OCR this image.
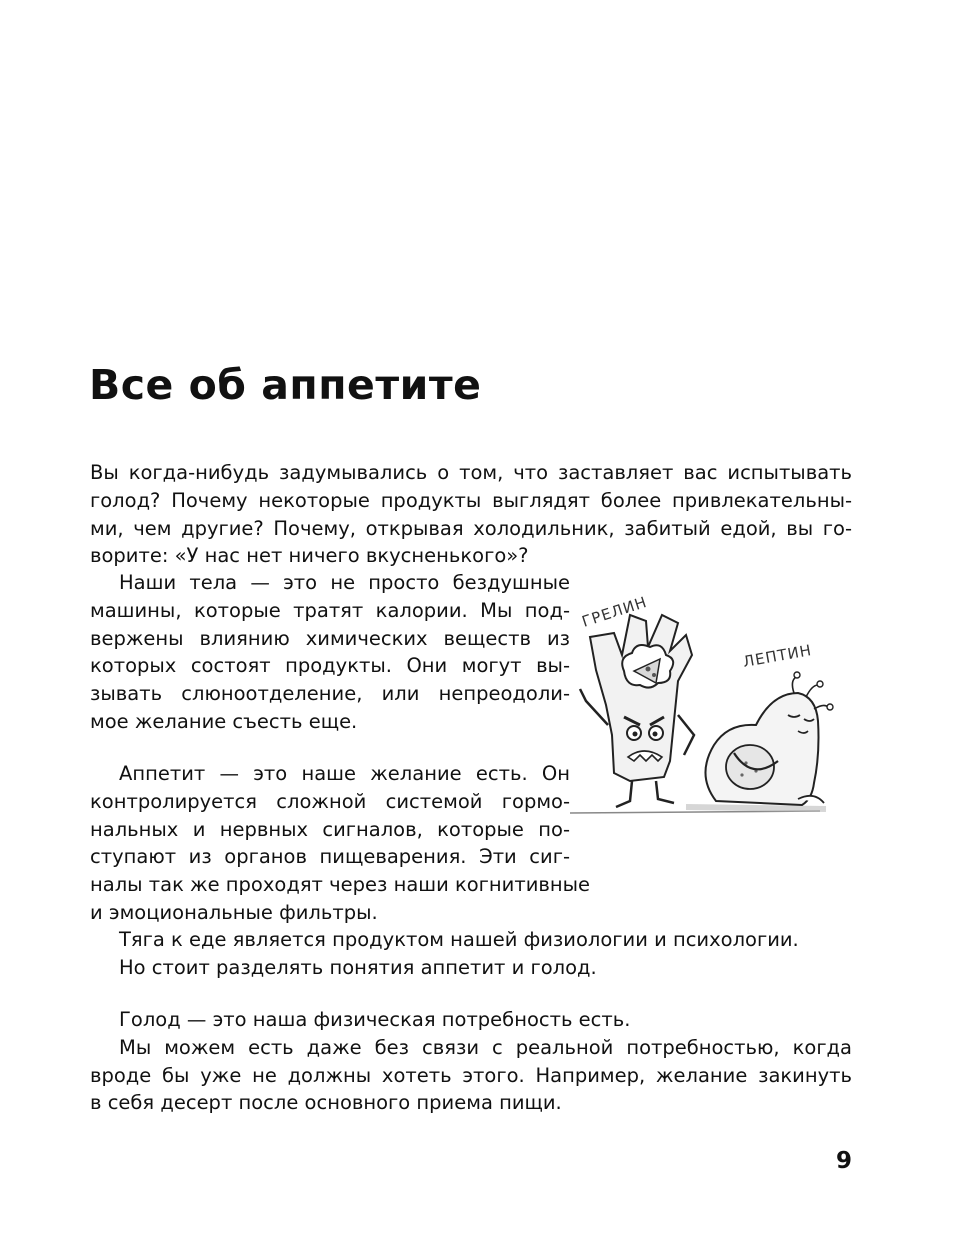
Все об аппетите

Вы когда-нибудь задумывались о том, что заставляет вас испытывать

голод? Почему некоторые продукты выглядят более привлекательны-

ми, чем другие? Почему, открывая холодильник, забитый едой, вы го-

ворите: «У нас нет ничего вкусненького»?

Наши тела — это не просто бездушные

машины, которые тратят калории. Мы под-

вержены влиянию химических веществ из

которых состоят продукты. Они могут вы-

зывать слюноотделение, или непреодоли-

мое желание съесть еще.

Аппетит — это наше желание есть. Он

контролируется сложной системой гормо-

нальных и нервных сигналов, которые по-

ступают из органов пищеварения. Эти сиг-

налы так же проходят через наши когнитивные

и эмоциональные фильтры.

Тяга к еде является продуктом нашей физиологии и психологии.

Но стоит разделять понятия аппетит и голод.

Голод — это наша физическая потребность есть.

Мы можем есть даже без связи с реальной потребностью, когда

вроде бы уже не должны хотеть этого. Например, желание закинуть

в себя десерт после основного приема пищи.

ГРЕЛИН
ЛЕПТИН
9
